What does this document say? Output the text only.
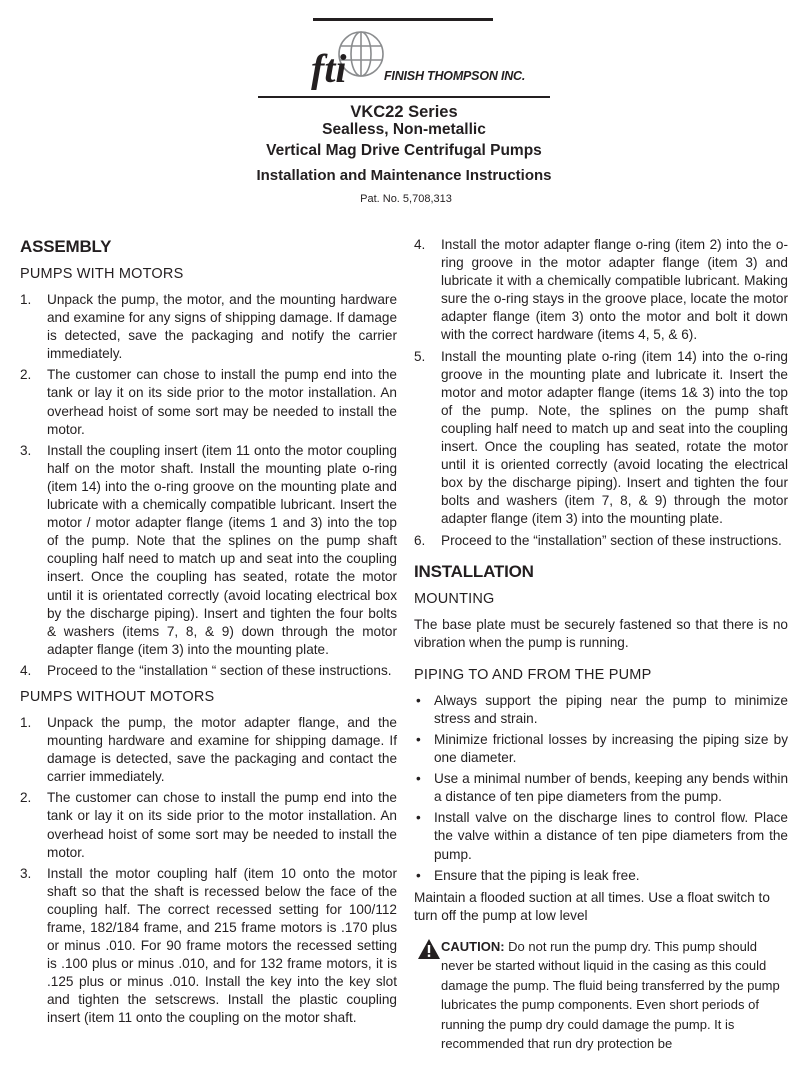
fti	FINISH THOMPSON INC.
VKC22 Series
Sealless, Non-metallic
Vertical Mag Drive Centrifugal Pumps
Installation and Maintenance Instructions
Pat. No. 5,708,313
ASSEMBLY
PUMPS WITH MOTORS
1. Unpack the pump, the motor, and the mounting hardware and examine for any signs of shipping damage. If damage is detected, save the packaging and notify the carrier immediately.
2. The customer can chose to install the pump end into the tank or lay it on its side prior to the motor installation. An overhead hoist of some sort may be needed to install the motor.
3. Install the coupling insert (item 11 onto the motor coupling half on the motor shaft. Install the mounting plate o-ring (item 14) into the o-ring groove on the mounting plate and lubricate with a chemically compatible lubricant. Insert the motor / motor adapter flange (items 1 and 3) into the top of the pump. Note that the splines on the pump shaft coupling half need to match up and seat into the coupling insert. Once the coupling has seated, rotate the motor until it is orientated correctly (avoid locating electrical box by the discharge piping). Insert and tighten the four bolts & washers (items 7, 8, & 9) down through the motor adapter flange (item 3) into the mounting plate.
4. Proceed to the “installation “ section of these instructions.
PUMPS WITHOUT MOTORS
1. Unpack the pump, the motor adapter flange, and the mounting hardware and examine for shipping damage. If damage is detected, save the packaging and contact the carrier immediately.
2. The customer can chose to install the pump end into the tank or lay it on its side prior to the motor installation. An overhead hoist of some sort may be needed to install the motor.
3. Install the motor coupling half (item 10 onto the motor shaft so that the shaft is recessed below the face of the coupling half. The correct recessed setting for 100/112 frame, 182/184 frame, and 215 frame motors is .170 plus or minus .010. For 90 frame motors the recessed setting is .100 plus or minus .010, and for 132 frame motors, it is .125 plus or minus .010. Install the key into the key slot and tighten the setscrews. Install the plastic coupling insert (item 11 onto the coupling on the motor shaft.
4. Install the motor adapter flange o-ring (item 2) into the o-ring groove in the motor adapter flange (item 3) and lubricate it with a chemically compatible lubricant. Making sure the o-ring stays in the groove place, locate the motor adapter flange (item 3) onto the motor and bolt it down with the correct hardware (items 4, 5, & 6).
5. Install the mounting plate o-ring (item 14) into the o-ring groove in the mounting plate and lubricate it. Insert the motor and motor adapter flange (items 1& 3) into the top of the pump. Note, the splines on the pump shaft coupling half need to match up and seat into the coupling insert. Once the coupling has seated, rotate the motor until it is oriented correctly (avoid locating the electrical box by the discharge piping). Insert and tighten the four bolts and washers (item 7, 8, & 9) through the motor adapter flange (item 3) into the mounting plate.
6. Proceed to the “installation” section of these instructions.
INSTALLATION
MOUNTING

The base plate must be securely fastened so that there is no vibration when the pump is running.

PIPING TO AND FROM THE PUMP
• Always support the piping near the pump to minimize stress and strain.
• Minimize frictional losses by increasing the piping size by one diameter.
• Use a minimal number of bends, keeping any bends within a distance of ten pipe diameters from the pump.
• Install valve on the discharge lines to control flow. Place the valve within a distance of ten pipe diameters from the pump.
• Ensure that the piping is leak free.

Maintain a flooded suction at all times. Use a float switch to turn off the pump at low level

CAUTION: Do not run the pump dry. This pump should never be started without liquid in the casing as this could damage the pump. The fluid being transferred by the pump lubricates the pump components. Even short periods of running the pump dry could damage the pump. It is recommended that run dry protection be
